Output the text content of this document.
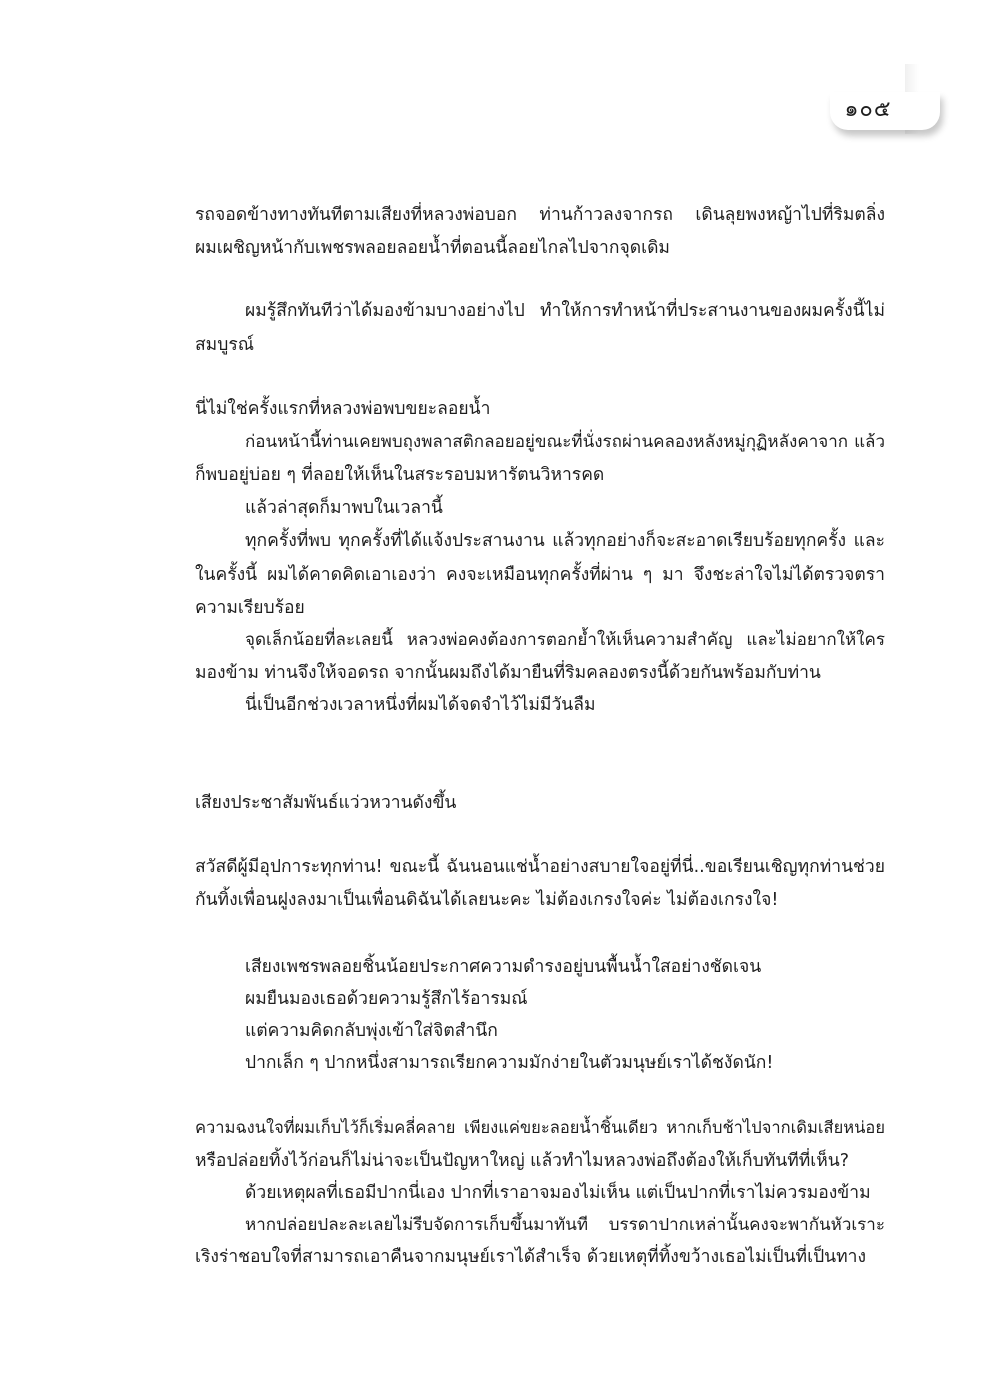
๑๐๕
รถจอดข้างทางทันทีตามเสียงที่หลวงพ่อบอก ท่านก้าวลงจากรถ เดินลุยพงหญ้าไปที่ริมตลิ่ง
ผมเผชิญหน้ากับเพชรพลอยลอยน้ำที่ตอนนี้ลอยไกลไปจากจุดเดิม
ผมรู้สึกทันทีว่าได้มองข้ามบางอย่างไป ทำให้การทำหน้าที่ประสานงานของผมครั้งนี้ไม่
สมบูรณ์
นี่ไม่ใช่ครั้งแรกที่หลวงพ่อพบขยะลอยน้ำ
ก่อนหน้านี้ท่านเคยพบถุงพลาสติกลอยอยู่ขณะที่นั่งรถผ่านคลองหลังหมู่กุฏิหลังคาจาก แล้ว
ก็พบอยู่บ่อย ๆ ที่ลอยให้เห็นในสระรอบมหารัตนวิหารคด
แล้วล่าสุดก็มาพบในเวลานี้
ทุกครั้งที่พบ ทุกครั้งที่ได้แจ้งประสานงาน แล้วทุกอย่างก็จะสะอาดเรียบร้อยทุกครั้ง และ
ในครั้งนี้ ผมได้คาดคิดเอาเองว่า คงจะเหมือนทุกครั้งที่ผ่าน ๆ มา จึงชะล่าใจไม่ได้ตรวจตรา
ความเรียบร้อย
จุดเล็กน้อยที่ละเลยนี้ หลวงพ่อคงต้องการตอกย้ำให้เห็นความสำคัญ และไม่อยากให้ใคร
มองข้าม ท่านจึงให้จอดรถ จากนั้นผมถึงได้มายืนที่ริมคลองตรงนี้ด้วยกันพร้อมกับท่าน
นี่เป็นอีกช่วงเวลาหนึ่งที่ผมได้จดจำไว้ไม่มีวันลืม
เสียงประชาสัมพันธ์แว่วหวานดังขึ้น
สวัสดีผู้มีอุปการะทุกท่าน! ขณะนี้ ฉันนอนแช่น้ำอย่างสบายใจอยู่ที่นี่..ขอเรียนเชิญทุกท่านช่วย
กันทิ้งเพื่อนฝูงลงมาเป็นเพื่อนดิฉันได้เลยนะคะ ไม่ต้องเกรงใจค่ะ ไม่ต้องเกรงใจ!
เสียงเพชรพลอยชิ้นน้อยประกาศความดำรงอยู่บนพื้นน้ำใสอย่างชัดเจน
ผมยืนมองเธอด้วยความรู้สึกไร้อารมณ์
แต่ความคิดกลับพุ่งเข้าใส่จิตสำนึก
ปากเล็ก ๆ ปากหนึ่งสามารถเรียกความมักง่ายในตัวมนุษย์เราได้ชงัดนัก!
ความฉงนใจที่ผมเก็บไว้ก็เริ่มคลี่คลาย เพียงแค่ขยะลอยน้ำชิ้นเดียว หากเก็บช้าไปจากเดิมเสียหน่อย
หรือปล่อยทิ้งไว้ก่อนก็ไม่น่าจะเป็นปัญหาใหญ่ แล้วทำไมหลวงพ่อถึงต้องให้เก็บทันทีที่เห็น?
ด้วยเหตุผลที่เธอมีปากนี่เอง ปากที่เราอาจมองไม่เห็น แต่เป็นปากที่เราไม่ควรมองข้าม
หากปล่อยปละละเลยไม่รีบจัดการเก็บขึ้นมาทันที บรรดาปากเหล่านั้นคงจะพากันหัวเราะ
เริงร่าชอบใจที่สามารถเอาคืนจากมนุษย์เราได้สำเร็จ ด้วยเหตุที่ทิ้งขว้างเธอไม่เป็นที่เป็นทาง
